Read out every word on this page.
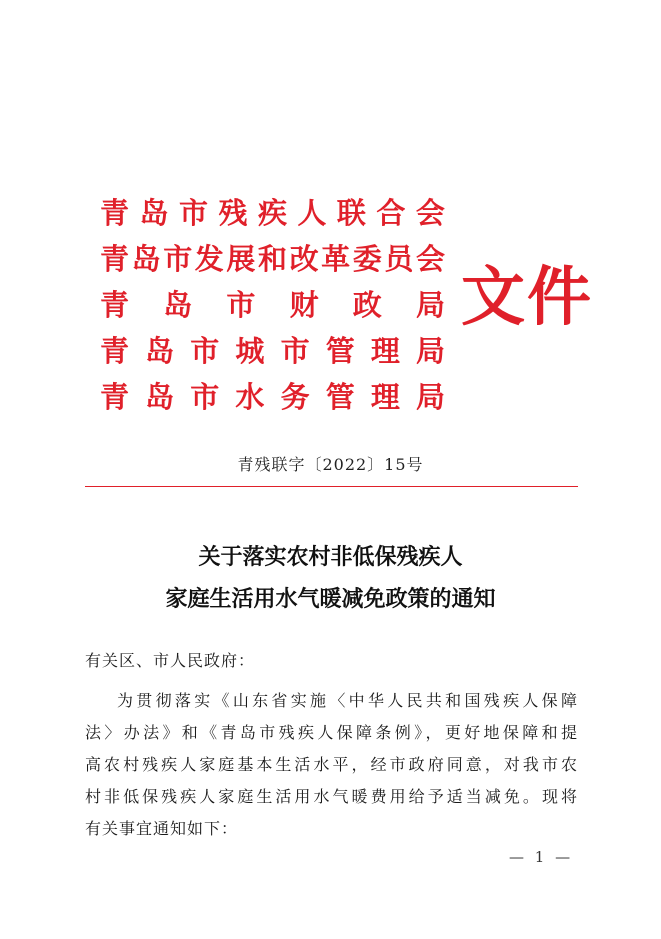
青 岛 市 残 疾 人 联 合 会
青 岛 市 发 展 和 改 革 委 员 会
青 岛 市 财 政 局
青 岛 市 城 市 管 理 局
青 岛 市 水 务 管 理 局
文件
青残联字〔2022〕15号
关于落实农村非低保残疾人
家庭生活用水气暖减免政策的通知
有关区、市人民政府：
为贯彻落实《山东省实施〈中华人民共和国残疾人保障
法〉办法》和《青岛市残疾人保障条例》，更好地保障和提
高农村残疾人家庭基本生活水平，经市政府同意，对我市农
村非低保残疾人家庭生活用水气暖费用给予适当减免。现将
有关事宜通知如下：
— 1 —
